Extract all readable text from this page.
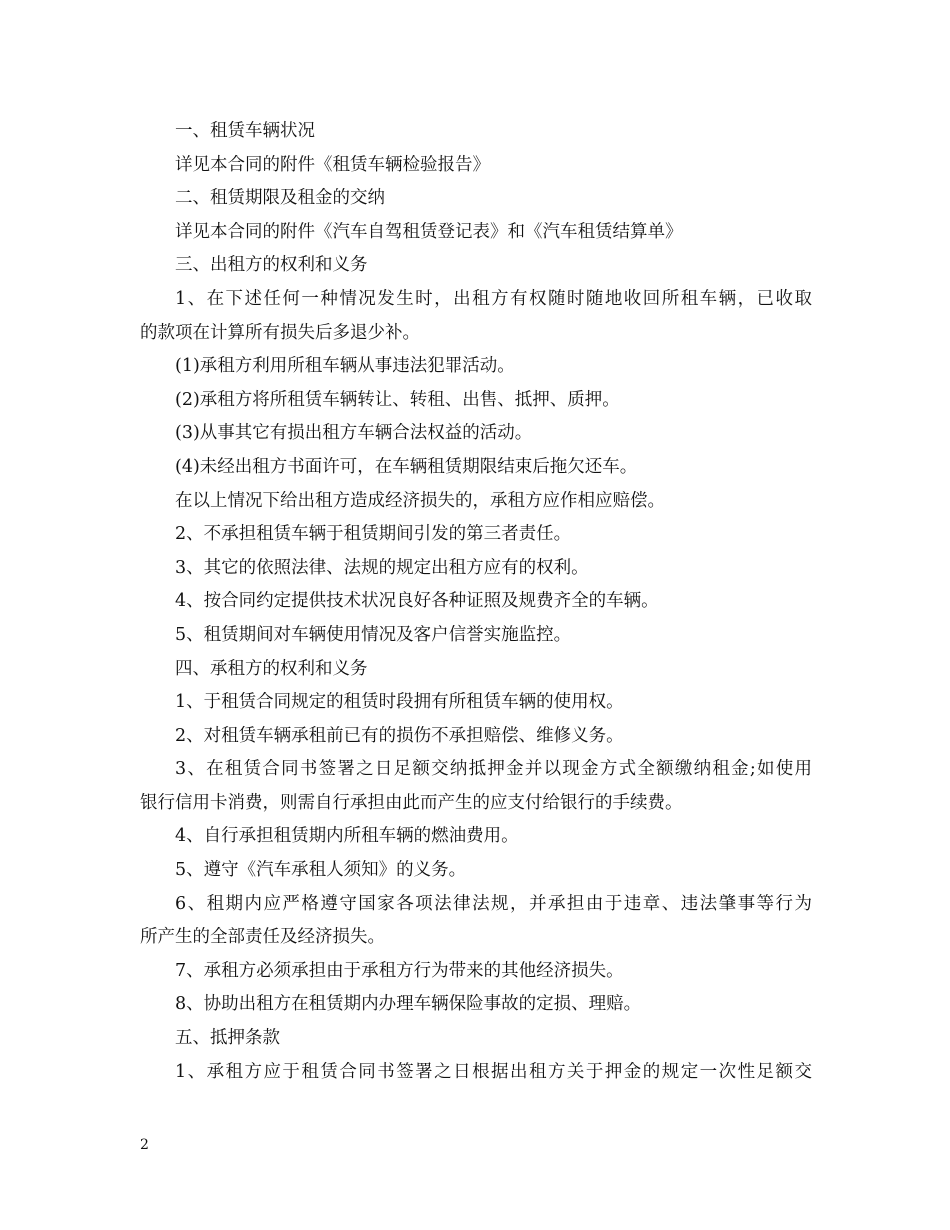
一、租赁车辆状况
详见本合同的附件《租赁车辆检验报告》
二、租赁期限及租金的交纳
详见本合同的附件《汽车自驾租赁登记表》和《汽车租赁结算单》
三、出租方的权利和义务
1、在下述任何一种情况发生时，出租方有权随时随地收回所租车辆，已收取
的款项在计算所有损失后多退少补。
(1)承租方利用所租车辆从事违法犯罪活动。
(2)承租方将所租赁车辆转让、转租、出售、抵押、质押。
(3)从事其它有损出租方车辆合法权益的活动。
(4)未经出租方书面许可，在车辆租赁期限结束后拖欠还车。
在以上情况下给出租方造成经济损失的，承租方应作相应赔偿。
2、不承担租赁车辆于租赁期间引发的第三者责任。
3、其它的依照法律、法规的规定出租方应有的权利。
4、按合同约定提供技术状况良好各种证照及规费齐全的车辆。
5、租赁期间对车辆使用情况及客户信誉实施监控。
四、承租方的权利和义务
1、于租赁合同规定的租赁时段拥有所租赁车辆的使用权。
2、对租赁车辆承租前已有的损伤不承担赔偿、维修义务。
3、在租赁合同书签署之日足额交纳抵押金并以现金方式全额缴纳租金;如使用
银行信用卡消费，则需自行承担由此而产生的应支付给银行的手续费。
4、自行承担租赁期内所租车辆的燃油费用。
5、遵守《汽车承租人须知》的义务。
6、租期内应严格遵守国家各项法律法规，并承担由于违章、违法肇事等行为
所产生的全部责任及经济损失。
7、承租方必须承担由于承租方行为带来的其他经济损失。
8、协助出租方在租赁期内办理车辆保险事故的定损、理赔。
五、抵押条款
1、承租方应于租赁合同书签署之日根据出租方关于押金的规定一次性足额交
2
